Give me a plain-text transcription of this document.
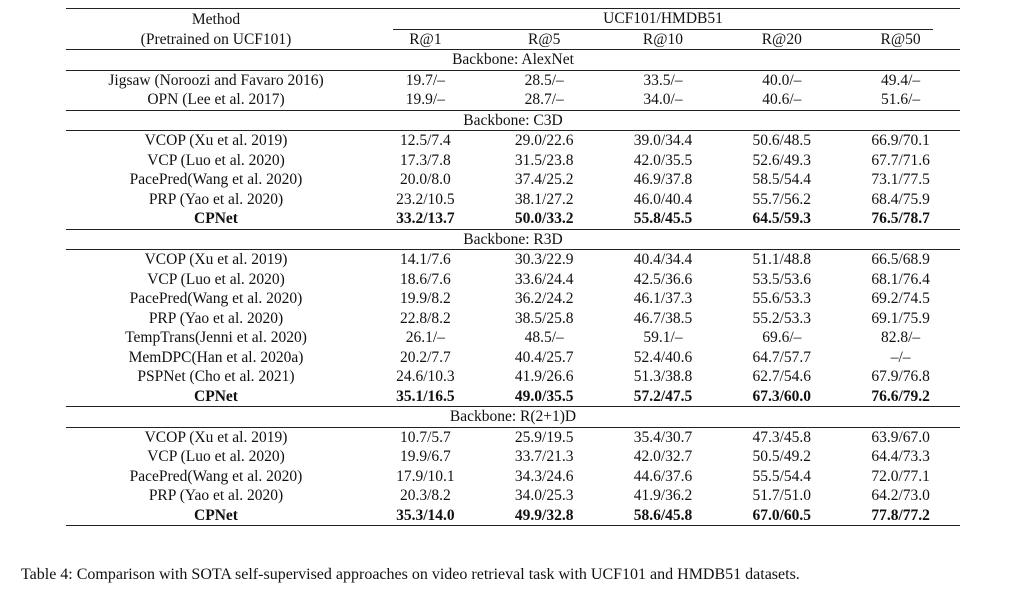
Method	UCF101/HMDB51				

(Pretrained on UCF101)	R@1	R@5	R@10	R@20	R@50
Backbone: AlexNet					
Jigsaw (Noroozi and Favaro 2016)	19.7/–	28.5/–	33.5/–	40.0/–	49.4/–
OPN (Lee et al. 2017)	19.9/–	28.7/–	34.0/–	40.6/–	51.6/–
Backbone: C3D					
VCOP (Xu et al. 2019)	12.5/7.4	29.0/22.6	39.0/34.4	50.6/48.5	66.9/70.1
VCP (Luo et al. 2020)	17.3/7.8	31.5/23.8	42.0/35.5	52.6/49.3	67.7/71.6
PacePred(Wang et al. 2020)	20.0/8.0	37.4/25.2	46.9/37.8	58.5/54.4	73.1/77.5
PRP (Yao et al. 2020)	23.2/10.5	38.1/27.2	46.0/40.4	55.7/56.2	68.4/75.9
CPNet	33.2/13.7	50.0/33.2	55.8/45.5	64.5/59.3	76.5/78.7
Backbone: R3D					
VCOP (Xu et al. 2019)	14.1/7.6	30.3/22.9	40.4/34.4	51.1/48.8	66.5/68.9
VCP (Luo et al. 2020)	18.6/7.6	33.6/24.4	42.5/36.6	53.5/53.6	68.1/76.4
PacePred(Wang et al. 2020)	19.9/8.2	36.2/24.2	46.1/37.3	55.6/53.3	69.2/74.5
PRP (Yao et al. 2020)	22.8/8.2	38.5/25.8	46.7/38.5	55.2/53.3	69.1/75.9
TempTrans(Jenni et al. 2020)	26.1/–	48.5/–	59.1/–	69.6/–	82.8/–
MemDPC(Han et al. 2020a)	20.2/7.7	40.4/25.7	52.4/40.6	64.7/57.7	–/–
PSPNet (Cho et al. 2021)	24.6/10.3	41.9/26.6	51.3/38.8	62.7/54.6	67.9/76.8
CPNet	35.1/16.5	49.0/35.5	57.2/47.5	67.3/60.0	76.6/79.2
Backbone: R(2+1)D					
VCOP (Xu et al. 2019)	10.7/5.7	25.9/19.5	35.4/30.7	47.3/45.8	63.9/67.0
VCP (Luo et al. 2020)	19.9/6.7	33.7/21.3	42.0/32.7	50.5/49.2	64.4/73.3
PacePred(Wang et al. 2020)	17.9/10.1	34.3/24.6	44.6/37.6	55.5/54.4	72.0/77.1
PRP (Yao et al. 2020)	20.3/8.2	34.0/25.3	41.9/36.2	51.7/51.0	64.2/73.0
CPNet	35.3/14.0	49.9/32.8	58.6/45.8	67.0/60.5	77.8/77.2
Table 4: Comparison with SOTA self-supervised approaches on video retrieval task with UCF101 and HMDB51 datasets.
